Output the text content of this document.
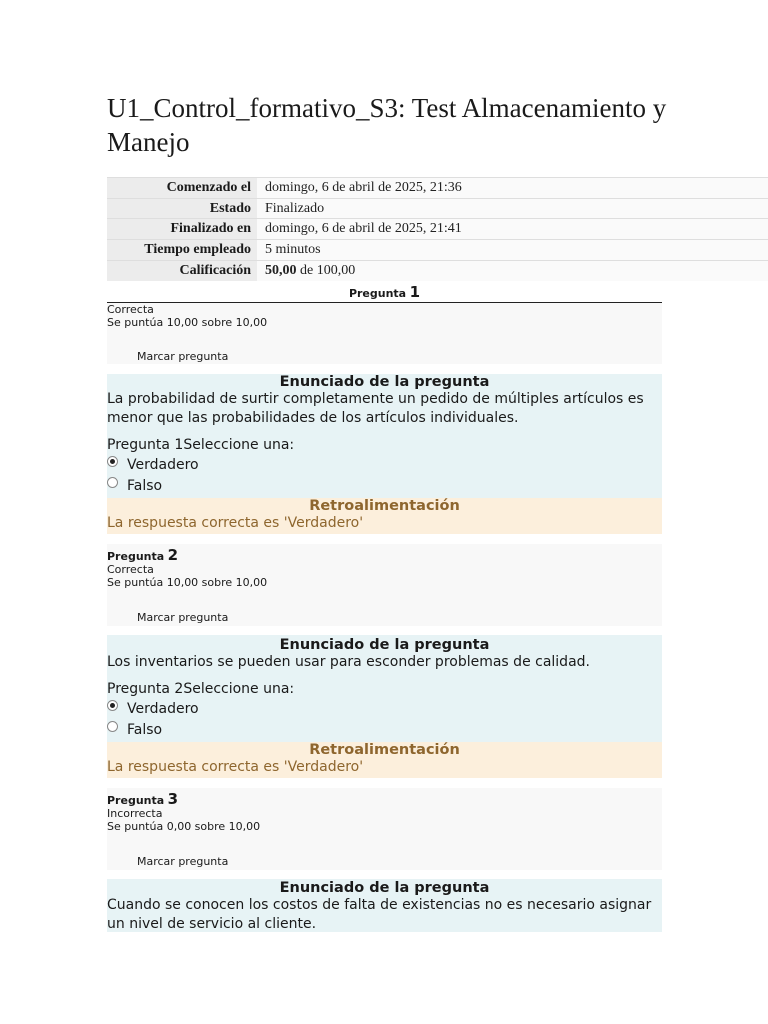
U1_Control_formativo_S3: Test Almacenamiento y Manejo
Comenzado el	domingo, 6 de abril de 2025, 21:36
Estado	Finalizado
Finalizado en	domingo, 6 de abril de 2025, 21:41
Tiempo empleado	5 minutos
Calificación	50,00 de 100,00
Pregunta 1
Correcta
Se puntúa 10,00 sobre 10,00
Marcar pregunta
Enunciado de la pregunta
La probabilidad de surtir completamente un pedido de múltiples artículos es menor que las probabilidades de los artículos individuales.
Pregunta 1Seleccione una:
Verdadero
Falso
Retroalimentación
La respuesta correcta es 'Verdadero'
Pregunta 2
Correcta
Se puntúa 10,00 sobre 10,00
Marcar pregunta
Enunciado de la pregunta
Los inventarios se pueden usar para esconder problemas de calidad.
Pregunta 2Seleccione una:
Verdadero
Falso
Retroalimentación
La respuesta correcta es 'Verdadero'
Pregunta 3
Incorrecta
Se puntúa 0,00 sobre 10,00
Marcar pregunta
Enunciado de la pregunta
Cuando se conocen los costos de falta de existencias no es necesario asignar un nivel de servicio al cliente.
